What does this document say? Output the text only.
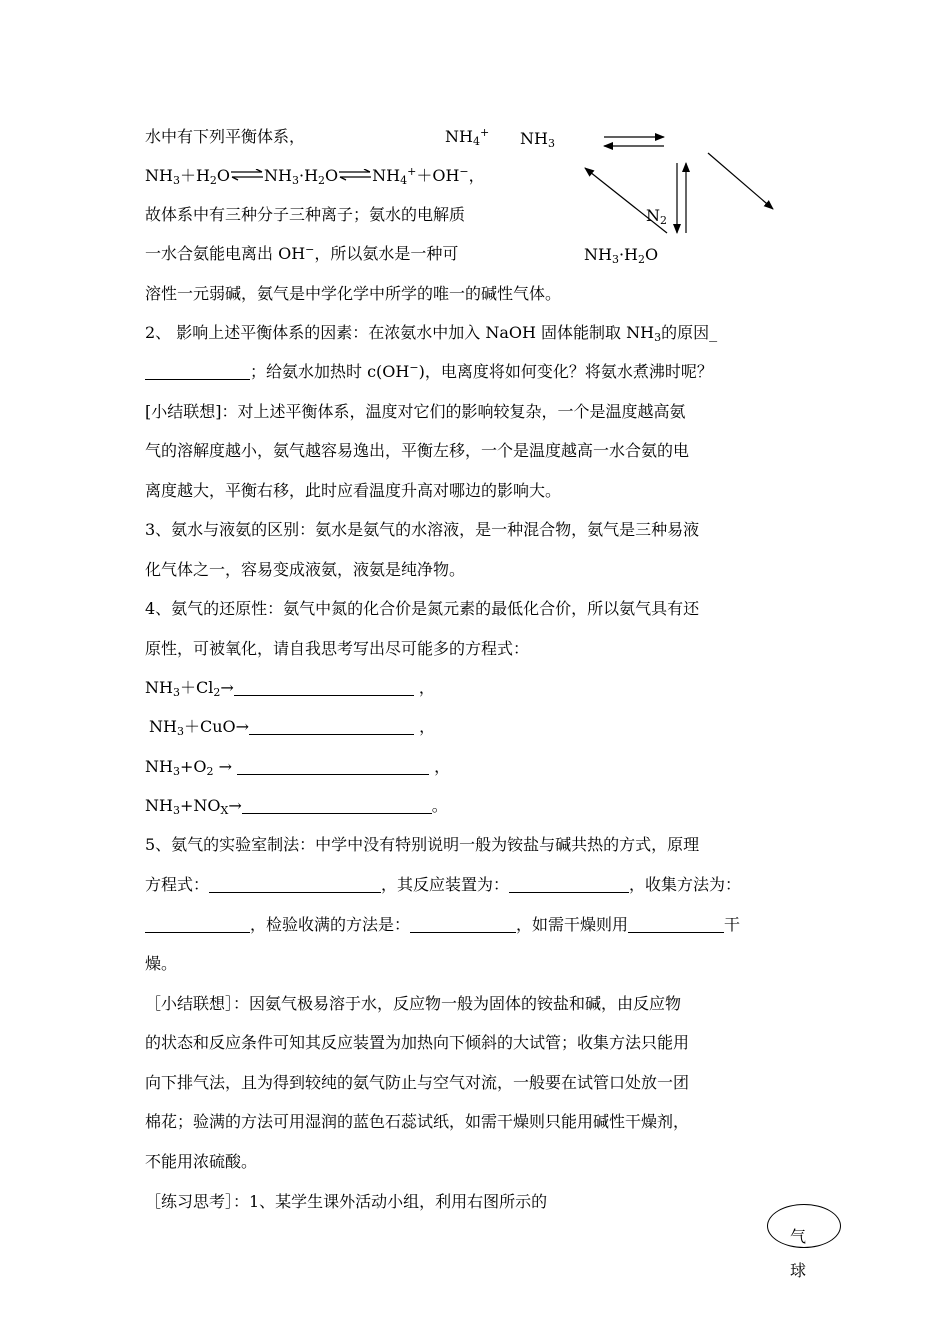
水中有下列平衡体系，	$NH_4^+$ $NH_3$
$N_2$
$NH_3\cdot H_2O$
$NH_3+H_2O\rightleftharpoons NH_3\cdot H_2O\rightleftharpoons NH_4^++OH^-$，
故体系中有三种分子三种离子；氨水的电解质
一水合氨能电离出 OH−，所以氨水是一种可
溶性一元弱碱，氨气是中学化学中所学的唯一的碱性气体。
2、 影响上述平衡体系的因素：在浓氨水中加入 NaOH 固体能制取 $NH_3$的原因_
；给氨水加热时 c(OH−)，电离度将如何变化？将氨水煮沸时呢？
[小结联想]：对上述平衡体系，温度对它们的影响较复杂，一个是温度越高氨
气的溶解度越小，氨气越容易逸出，平衡左移，一个是温度越高一水合氨的电
离度越大，平衡右移，此时应看温度升高对哪边的影响大。
3、氨水与液氨的区别：氨水是氨气的水溶液，是一种混合物，氨气是三种易液
化气体之一，容易变成液氨，液氨是纯净物。
4、氨气的还原性：氨气中氮的化合价是氮元素的最低化合价，所以氨气具有还
原性，可被氧化，请自我思考写出尽可能多的方程式：
$NH_3+Cl_2\to$	，
$NH_3+CuO\to$	，
$NH_3+O_2$ →	，
$NH_3+NO_X\to$	。
5、氨气的实验室制法：中学中没有特别说明一般为铵盐与碱共热的方式，原理
方程式：	，其反应装置为：	，收集方法为：
，检验收满的方法是：	，如需干燥则用	干
燥。
［小结联想］：因氨气极易溶于水，反应物一般为固体的铵盐和碱，由反应物
的状态和反应条件可知其反应装置为加热向下倾斜的大试管；收集方法只能用
向下排气法，且为得到较纯的氨气防止与空气对流，一般要在试管口处放一团
棉花；验满的方法可用湿润的蓝色石蕊试纸，如需干燥则只能用碱性干燥剂，
不能用浓硫酸。
［练习思考］：1、某学生课外活动小组，利用右图所示的
气
球
